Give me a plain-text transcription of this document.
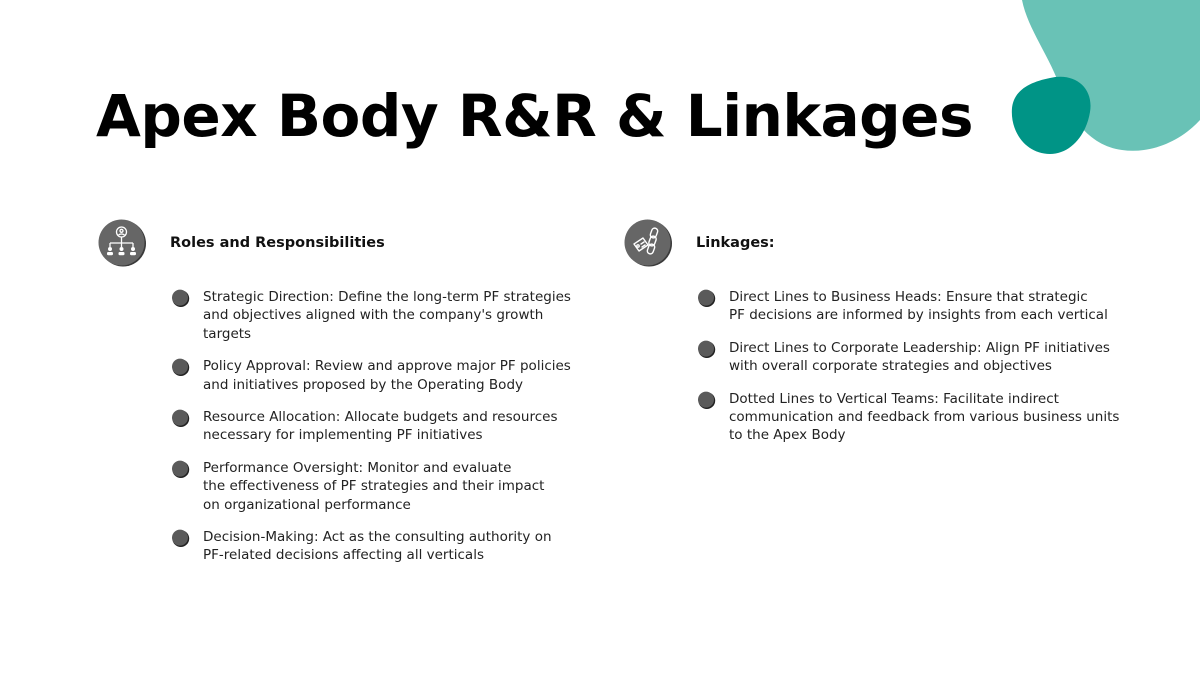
Apex Body R&R & Linkages
Roles and Responsibilities
Strategic Direction: Define the long-term PF strategies
and objectives aligned with the company's growth targets
Policy Approval: Review and approve major PF policies
and initiatives proposed by the Operating Body
Resource Allocation: Allocate budgets and resources
necessary for implementing PF initiatives
Performance Oversight: Monitor and evaluate
the effectiveness of PF strategies and their impact
on organizational performance
Decision-Making: Act as the consulting authority on
PF-related decisions affecting all verticals
Linkages:
Direct Lines to Business Heads: Ensure that strategic
PF decisions are informed by insights from each vertical
Direct Lines to Corporate Leadership: Align PF initiatives
with overall corporate strategies and objectives
Dotted Lines to Vertical Teams: Facilitate indirect
communication and feedback from various business units
to the Apex Body
